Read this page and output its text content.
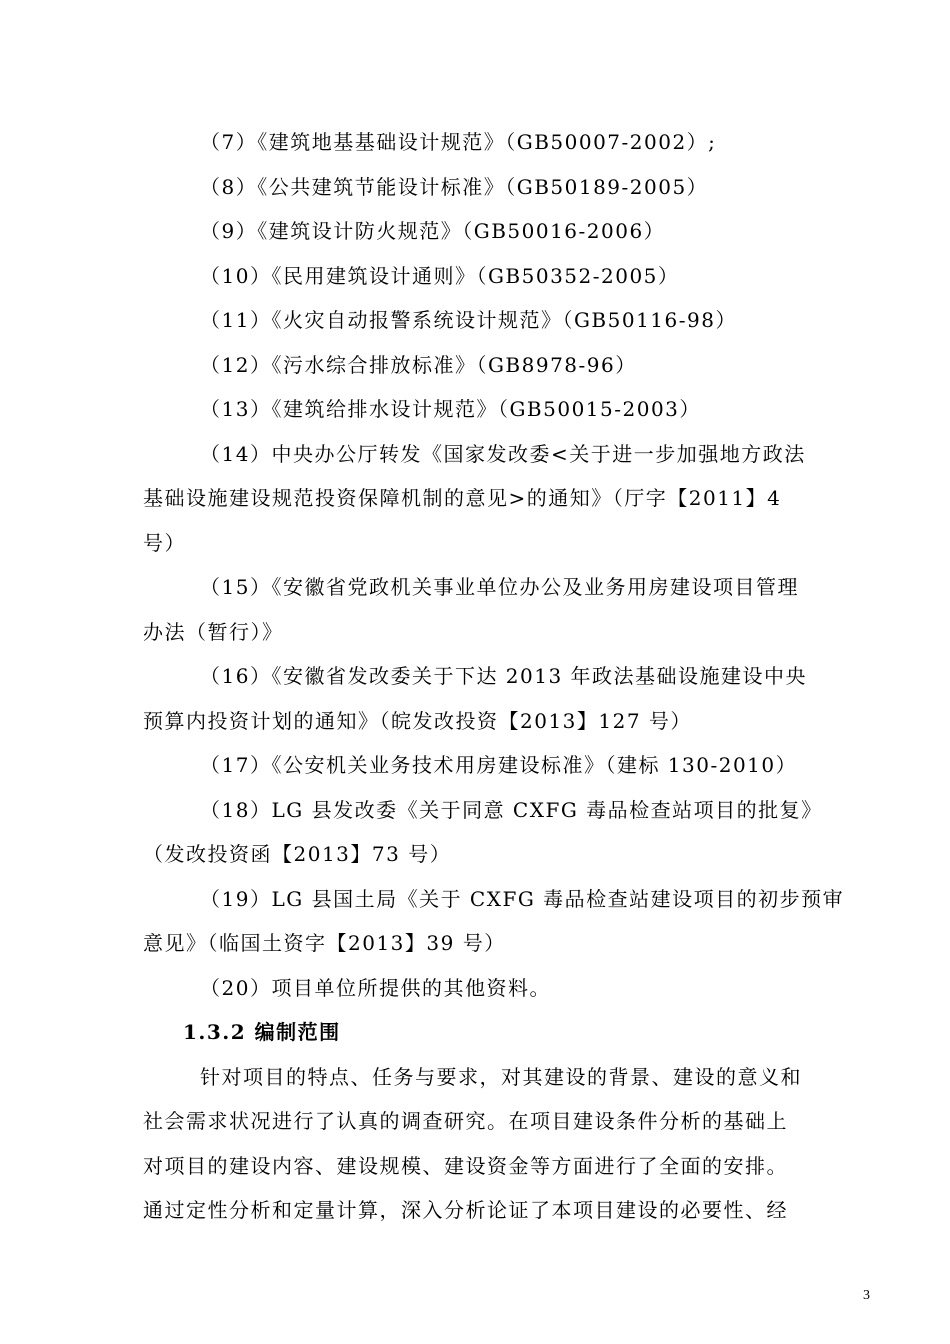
（7）《建筑地基基础设计规范》（GB50007-2002）;

（8）《公共建筑节能设计标准》（GB50189-2005）

（9）《建筑设计防火规范》（GB50016-2006）

（10）《民用建筑设计通则》（GB50352-2005）

（11）《火灾自动报警系统设计规范》（GB50116-98）

（12）《污水综合排放标准》（GB8978-96）

（13）《建筑给排水设计规范》（GB50015-2003）

（14）中央办公厅转发《国家发改委<关于进一步加强地方政法

基础设施建设规范投资保障机制的意见>的通知》（厅字【2011】4

号）

（15）《安徽省党政机关事业单位办公及业务用房建设项目管理

办法（暂行）》

（16）《安徽省发改委关于下达 2013 年政法基础设施建设中央

预算内投资计划的通知》（皖发改投资【2013】127 号）

（17）《公安机关业务技术用房建设标准》（建标 130-2010）

（18）LG 县发改委《关于同意 CXFG 毒品检查站项目的批复》

（发改投资函【2013】73 号）

（19）LG 县国土局《关于 CXFG 毒品检查站建设项目的初步预审

意见》（临国土资字【2013】39 号）

（20）项目单位所提供的其他资料。

1.3.2 编制范围

针对项目的特点、任务与要求，对其建设的背景、建设的意义和

社会需求状况进行了认真的调查研究。在项目建设条件分析的基础上

对项目的建设内容、建设规模、建设资金等方面进行了全面的安排。

通过定性分析和定量计算，深入分析论证了本项目建设的必要性、经

3
